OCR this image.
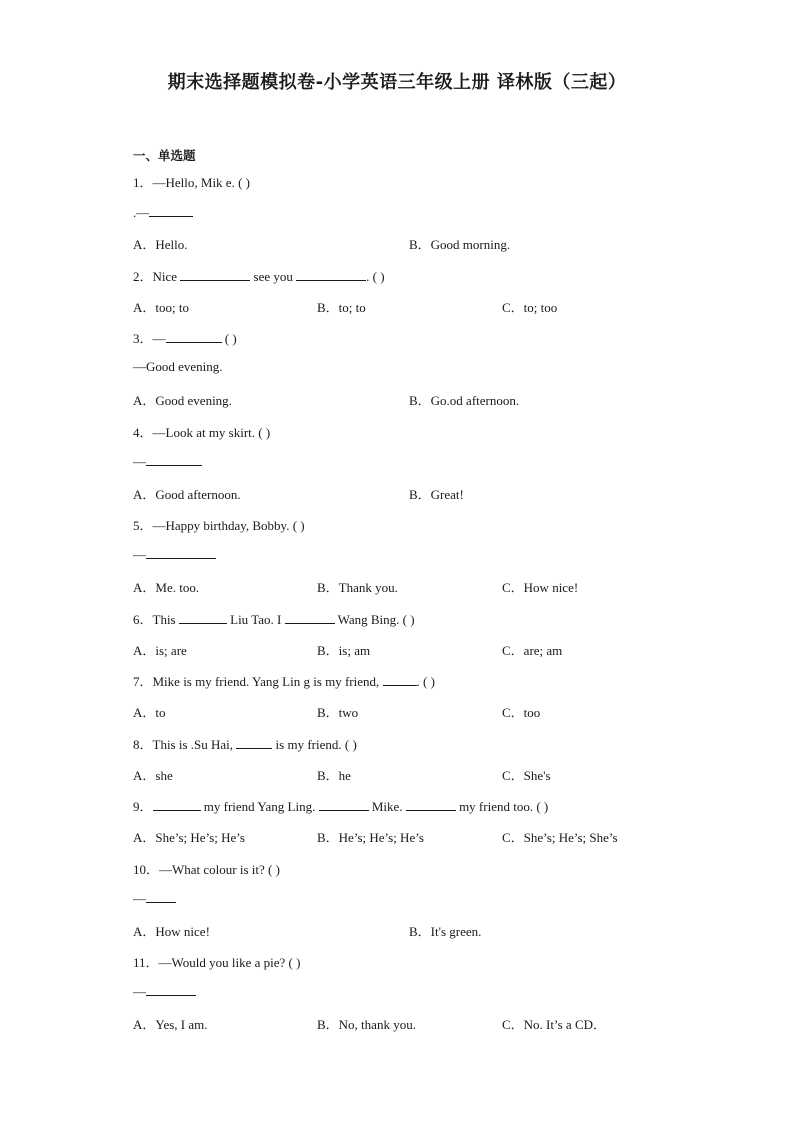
期末选择题模拟卷-小学英语三年级上册 译林版（三起）
一、单选题
1．—Hello, Mik e. ( )
.—
A．Hello.	B．Good morning.
2．Nice	see you	. ( )
A．too; to	B．to; to	C．to; too
3．—	( )
—Good evening.
A．Good evening.	B．Go.od afternoon.
4．—Look at my skirt. ( )
—
A．Good afternoon.	B．Great!
5．—Happy birthday, Bobby. ( )
—
A．Me. too.	B．Thank you.	C．How nice!
6．This	Liu Tao. I	Wang Bing. ( )
A．is; are	B．is; am	C．are; am
7．Mike is my friend. Yang Lin g is my friend,	. ( )
A．to	B．two	C．too
8．This is .Su Hai,	is my friend. ( )
A．she	B．he	C．She's
9．	my friend Yang Ling.	Mike.	my friend too. ( )
A．She’s; He’s; He’s	B．He’s; He’s; He’s	C．She’s; He’s; She’s
10．—What colour is it? ( )
—
A．How nice!	B．It's green.
11．—Would you like a pie? ( )
—
A．Yes, I am.	B．No, thank you.	C．No. It’s a CD．
